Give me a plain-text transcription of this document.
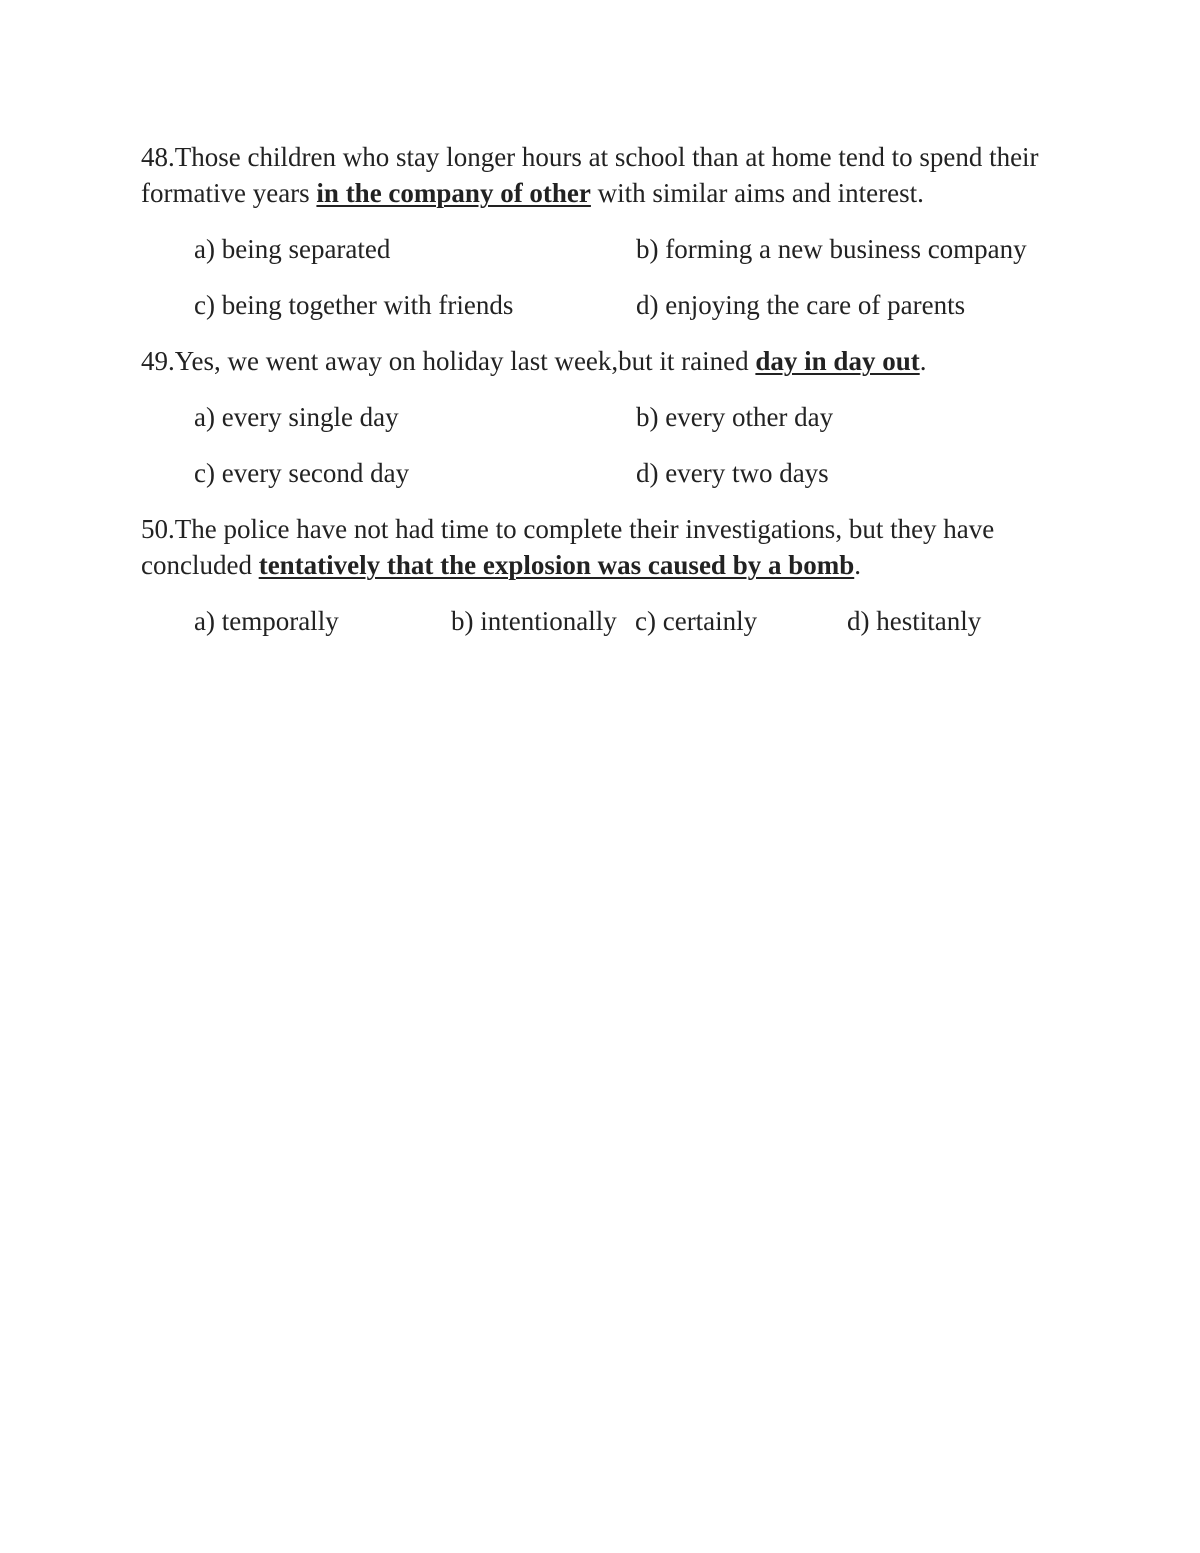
48.Those children who stay longer hours at school than at home tend to spend their
formative years in the company of other with similar aims and interest.
a) being separated	b) forming a new business company
c) being together with friends	d) enjoying the care of parents
49.Yes, we went away on holiday last week,but it rained day in day out.
a) every single day	b) every other day
c) every second day	d) every two days
50.The police have not had time to complete their investigations, but they have
concluded tentatively that the explosion was caused by a bomb.
a) temporally	b) intentionally c) certainly	d) hestitanly
